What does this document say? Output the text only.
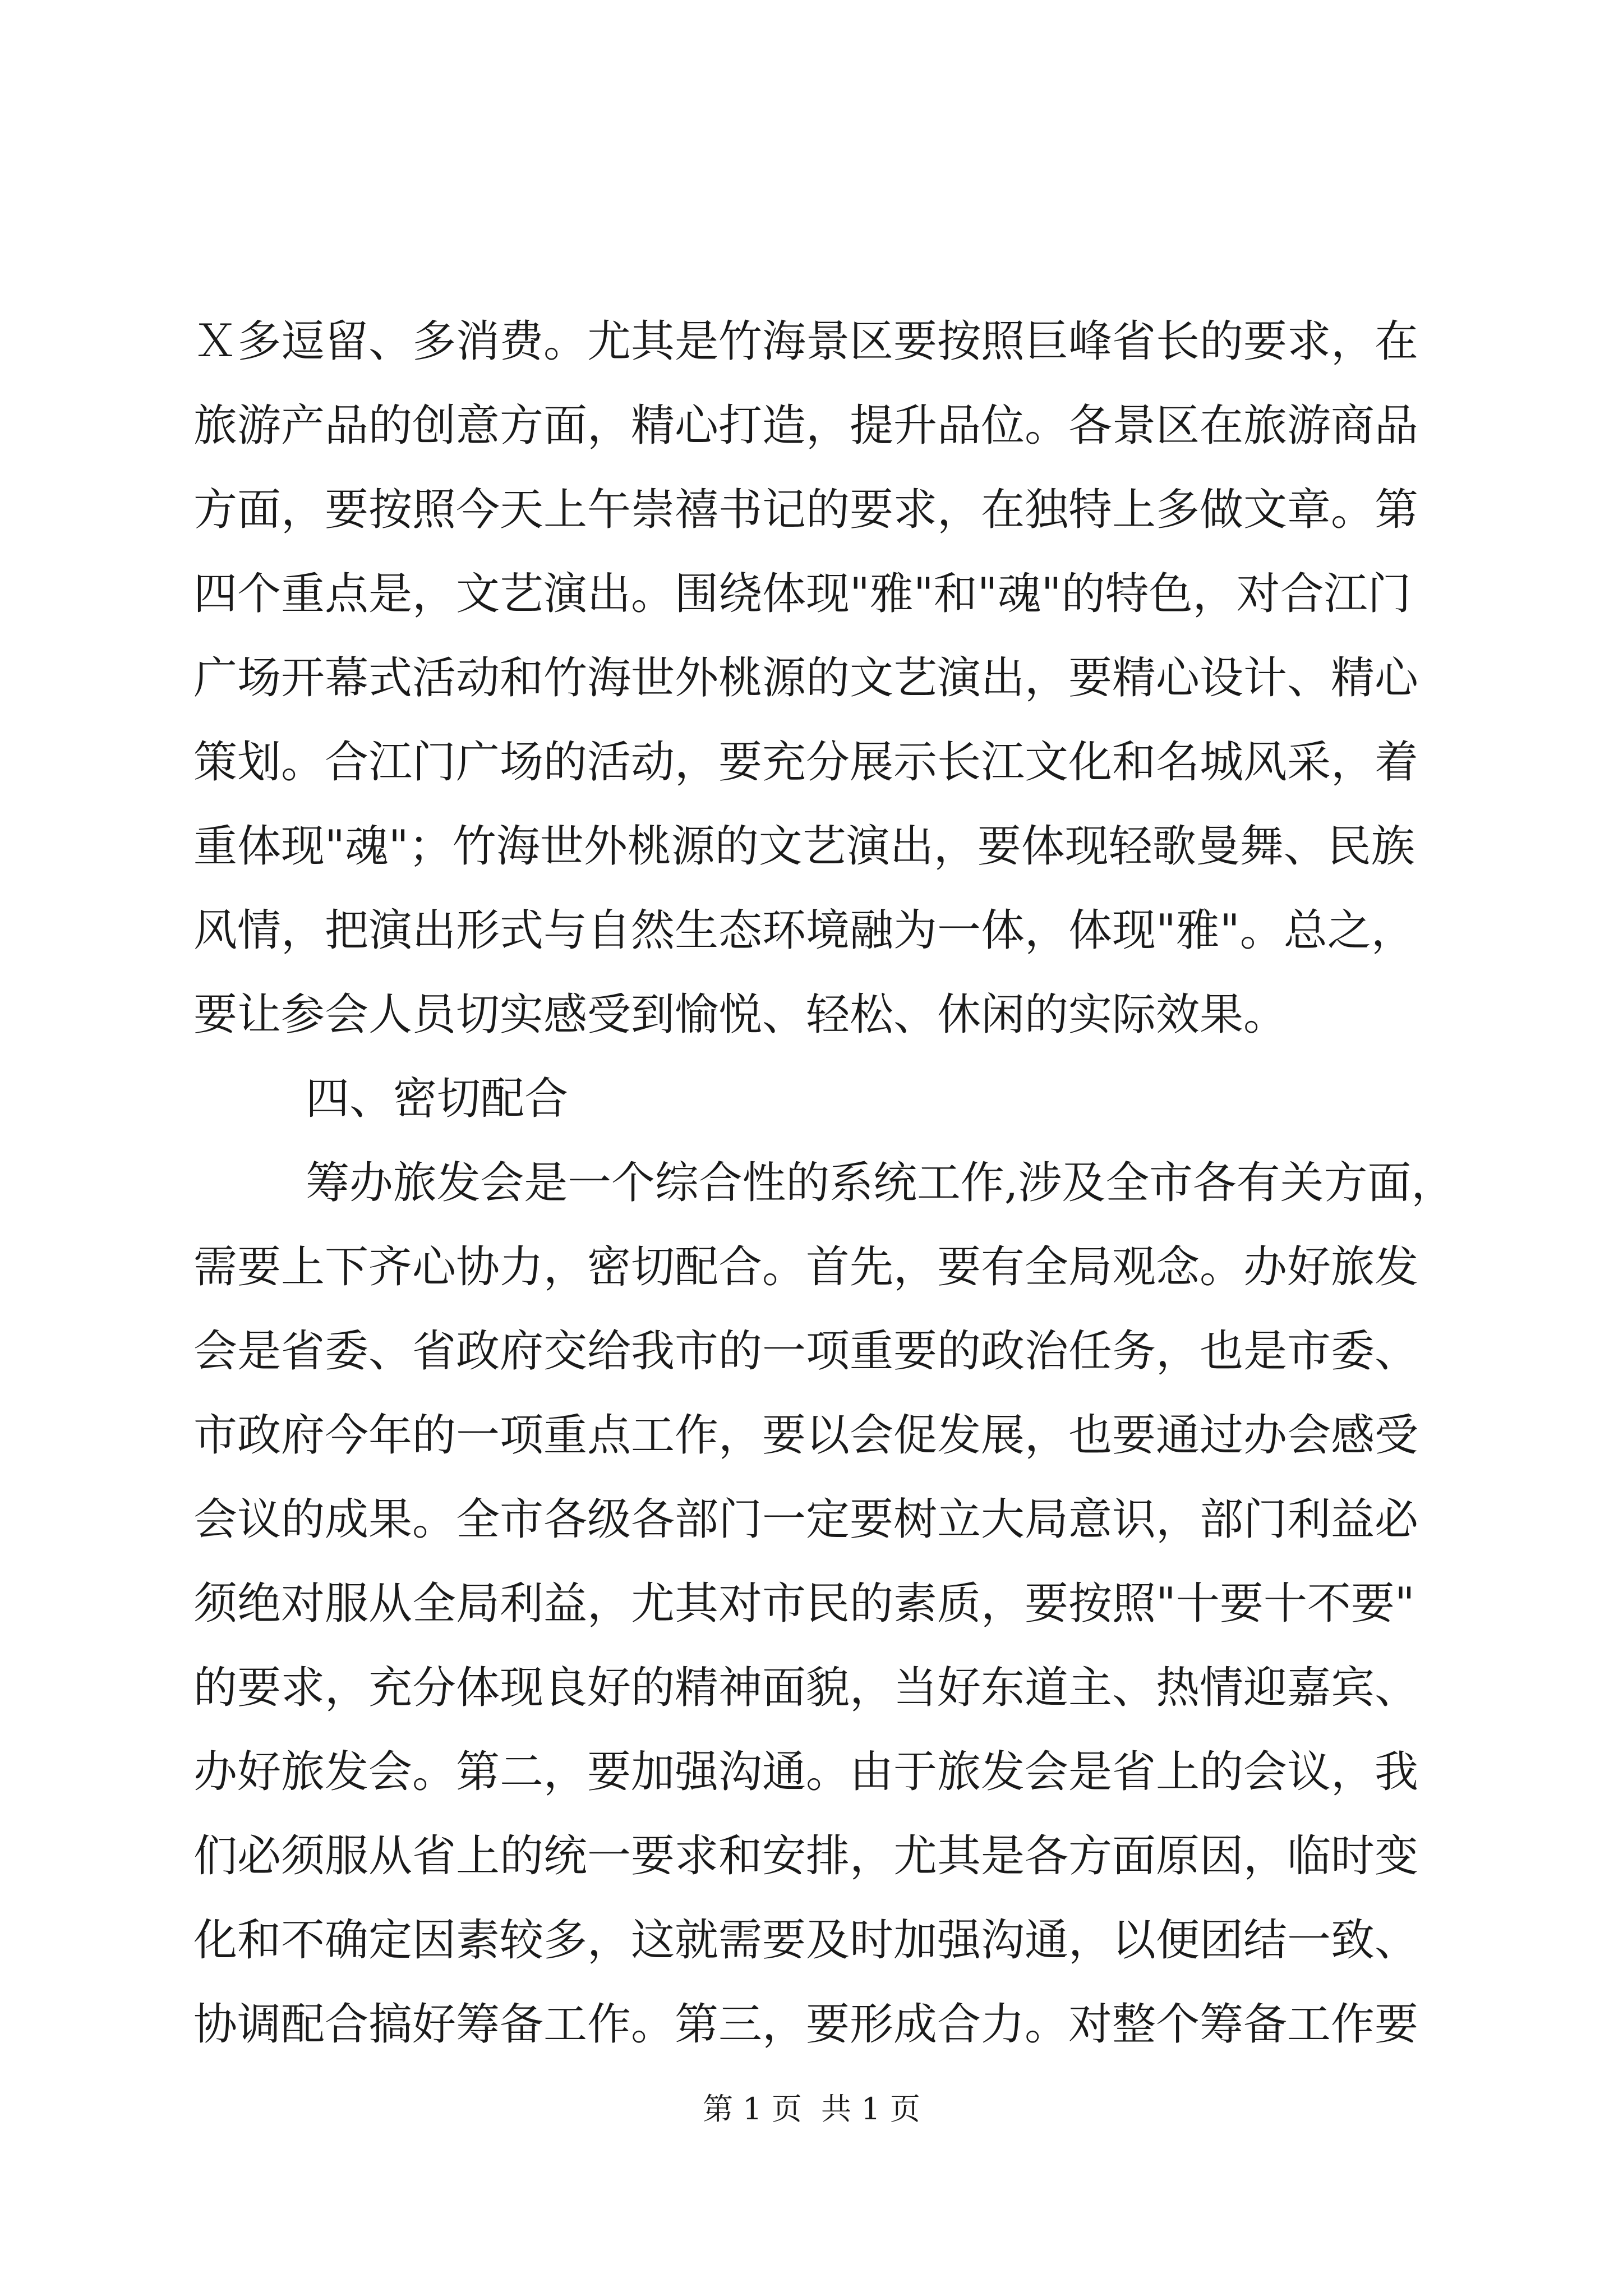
Ｘ多逗留、多消费。尤其是竹海景区要按照巨峰省长的要求，在
旅游产品的创意方面，精心打造，提升品位。各景区在旅游商品
方面，要按照今天上午崇禧书记的要求，在独特上多做文章。第
四个重点是，文艺演出。围绕体现"雅"和"魂"的特色，对合江门
广场开幕式活动和竹海世外桃源的文艺演出，要精心设计、精心
策划。合江门广场的活动，要充分展示长江文化和名城风采，着
重体现"魂"；竹海世外桃源的文艺演出，要体现轻歌曼舞、民族
风情，把演出形式与自然生态环境融为一体，体现"雅"。总之，
要让参会人员切实感受到愉悦、轻松、休闲的实际效果。
四、密切配合
筹办旅发会是一个综合性的系统工作,涉及全市各有关方面，
需要上下齐心协力，密切配合。首先，要有全局观念。办好旅发
会是省委、省政府交给我市的一项重要的政治任务，也是市委、
市政府今年的一项重点工作，要以会促发展，也要通过办会感受
会议的成果。全市各级各部门一定要树立大局意识，部门利益必
须绝对服从全局利益，尤其对市民的素质，要按照"十要十不要"
的要求，充分体现良好的精神面貌，当好东道主、热情迎嘉宾、
办好旅发会。第二，要加强沟通。由于旅发会是省上的会议，我
们必须服从省上的统一要求和安排，尤其是各方面原因，临时变
化和不确定因素较多，这就需要及时加强沟通，以便团结一致、
协调配合搞好筹备工作。第三，要形成合力。对整个筹备工作要
第 1 页  共 1 页
